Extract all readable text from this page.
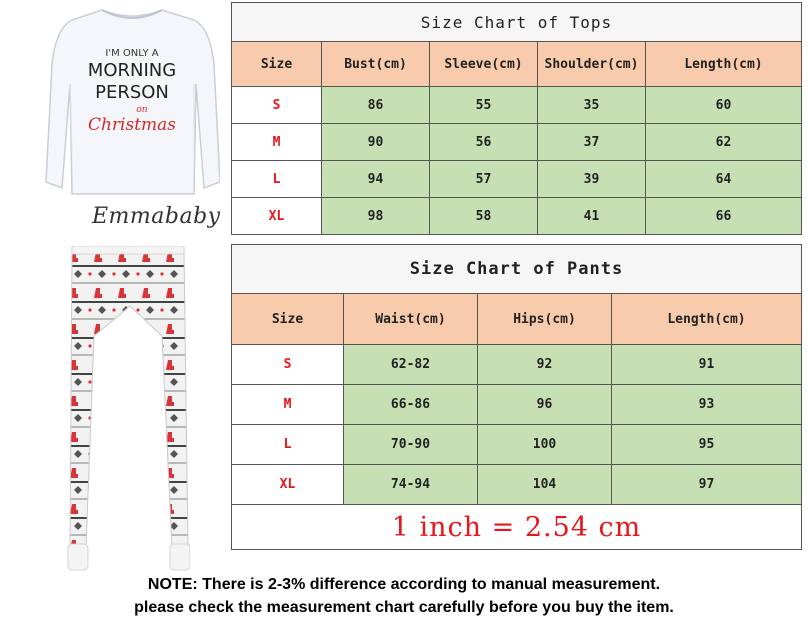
I'M ONLY A
MORNING
PERSON
on
Christmas
Emmababy
Size Chart of Tops				
Size	Bust(cm)	Sleeve(cm)	Shoulder(cm)	Length(cm)
S	86	55	35	60
M	90	56	37	62
L	94	57	39	64
XL	98	58	41	66
Size Chart of Pants			
Size	Waist(cm)	Hips(cm)	Length(cm)
S	62-82	92	91
M	66-86	96	93
L	70-90	100	95
XL	74-94	104	97
1 inch = 2.54 cm			
NOTE: There is 2-3% difference according to manual measurement.
please check the measurement chart carefully before you buy the item.
